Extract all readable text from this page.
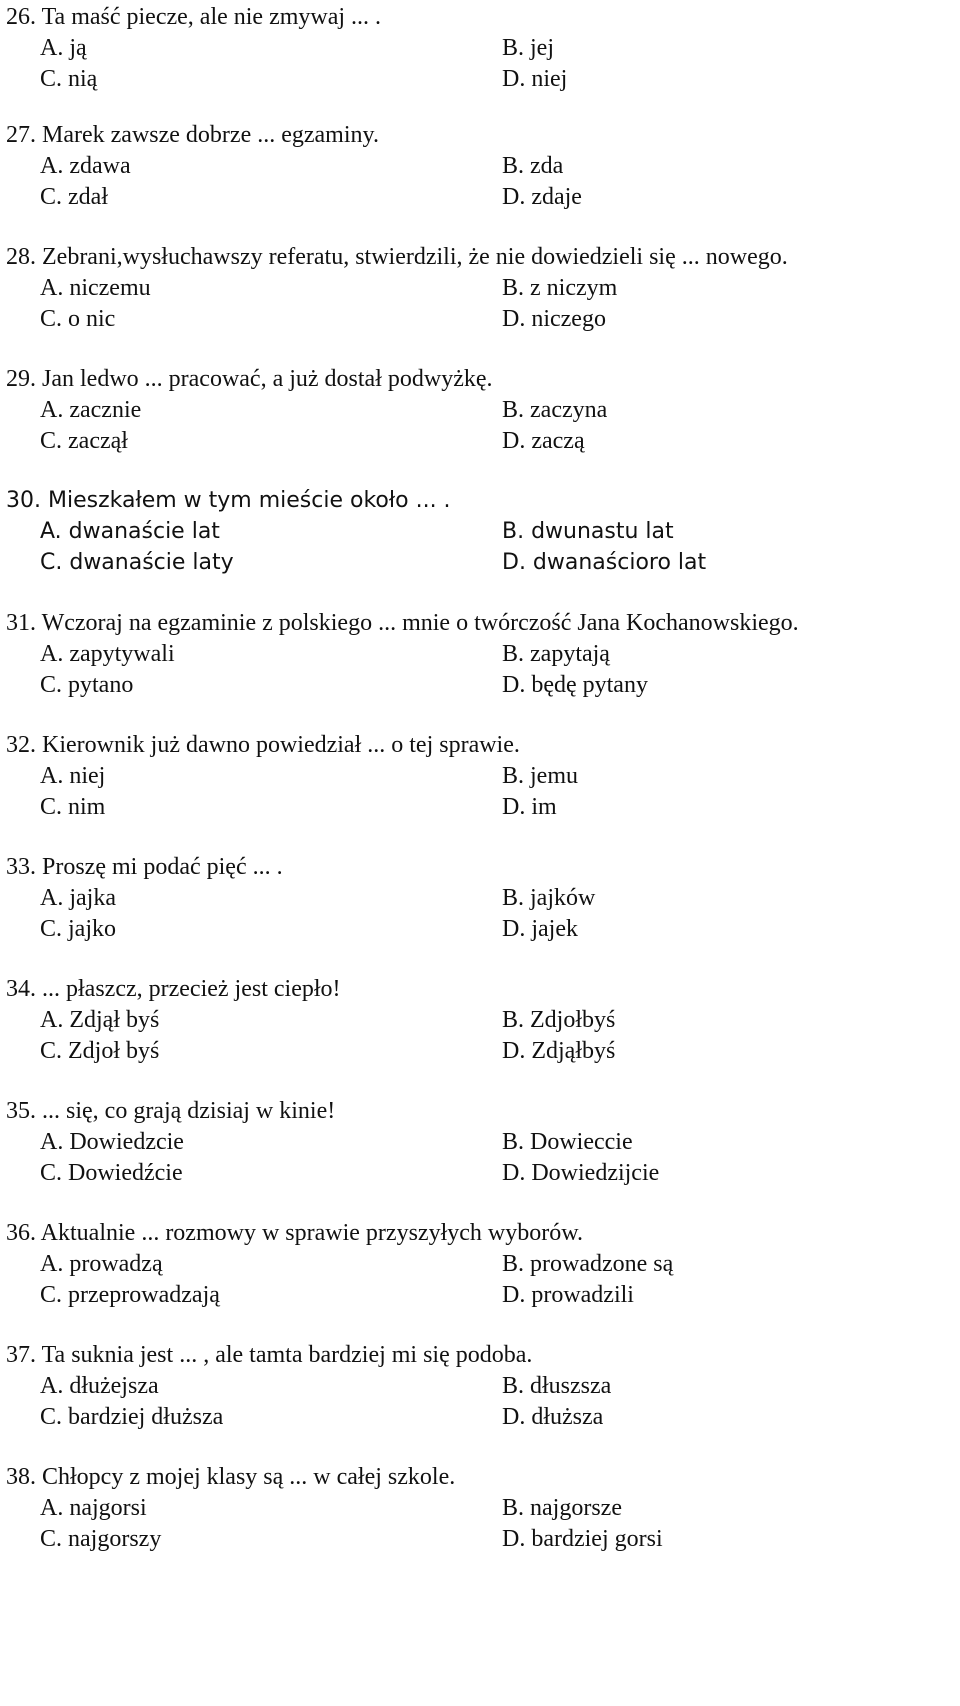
26. Ta maść piecze, ale nie zmywaj ... .
A. ją	B. jej
C. nią	D. niej
27. Marek zawsze dobrze ... egzaminy.
A. zdawa	B. zda
C. zdał	D. zdaje
28. Zebrani,wysłuchawszy referatu, stwierdzili, że nie dowiedzieli się ... nowego.
A. niczemu	B. z niczym
C. o nic	D. niczego
29. Jan ledwo ... pracować, a już dostał podwyżkę.
A. zacznie	B. zaczyna
C. zaczął	D. zaczą
30. Mieszkałem w tym mieście około ... .
A. dwanaście lat	B. dwunastu lat
C. dwanaście laty	D. dwanaścioro lat
31. Wczoraj na egzaminie z polskiego ... mnie o twórczość Jana Kochanowskiego.
A. zapytywali	B. zapytają
C. pytano	D. będę pytany
32. Kierownik już dawno powiedział ... o tej sprawie.
A. niej	B. jemu
C. nim	D. im
33. Proszę mi podać pięć ... .
A. jajka	B. jajków
C. jajko	D. jajek
34. ... płaszcz, przecież jest ciepło!
A. Zdjął byś	B. Zdjołbyś
C. Zdjoł byś	D. Zdjąłbyś
35. ... się, co grają dzisiaj w kinie!
A. Dowiedzcie	B. Dowieccie
C. Dowiedźcie	D. Dowiedzijcie
36. Aktualnie ... rozmowy w sprawie przyszyłych wyborów.
A. prowadzą	B. prowadzone są
C. przeprowadzają	D. prowadzili
37. Ta suknia jest ... , ale tamta bardziej mi się podoba.
A. dłużejsza	B. dłuszsza
C. bardziej dłuższa	D. dłuższa
38. Chłopcy z mojej klasy są ... w całej szkole.
A. najgorsi	B. najgorsze
C. najgorszy	D. bardziej gorsi
